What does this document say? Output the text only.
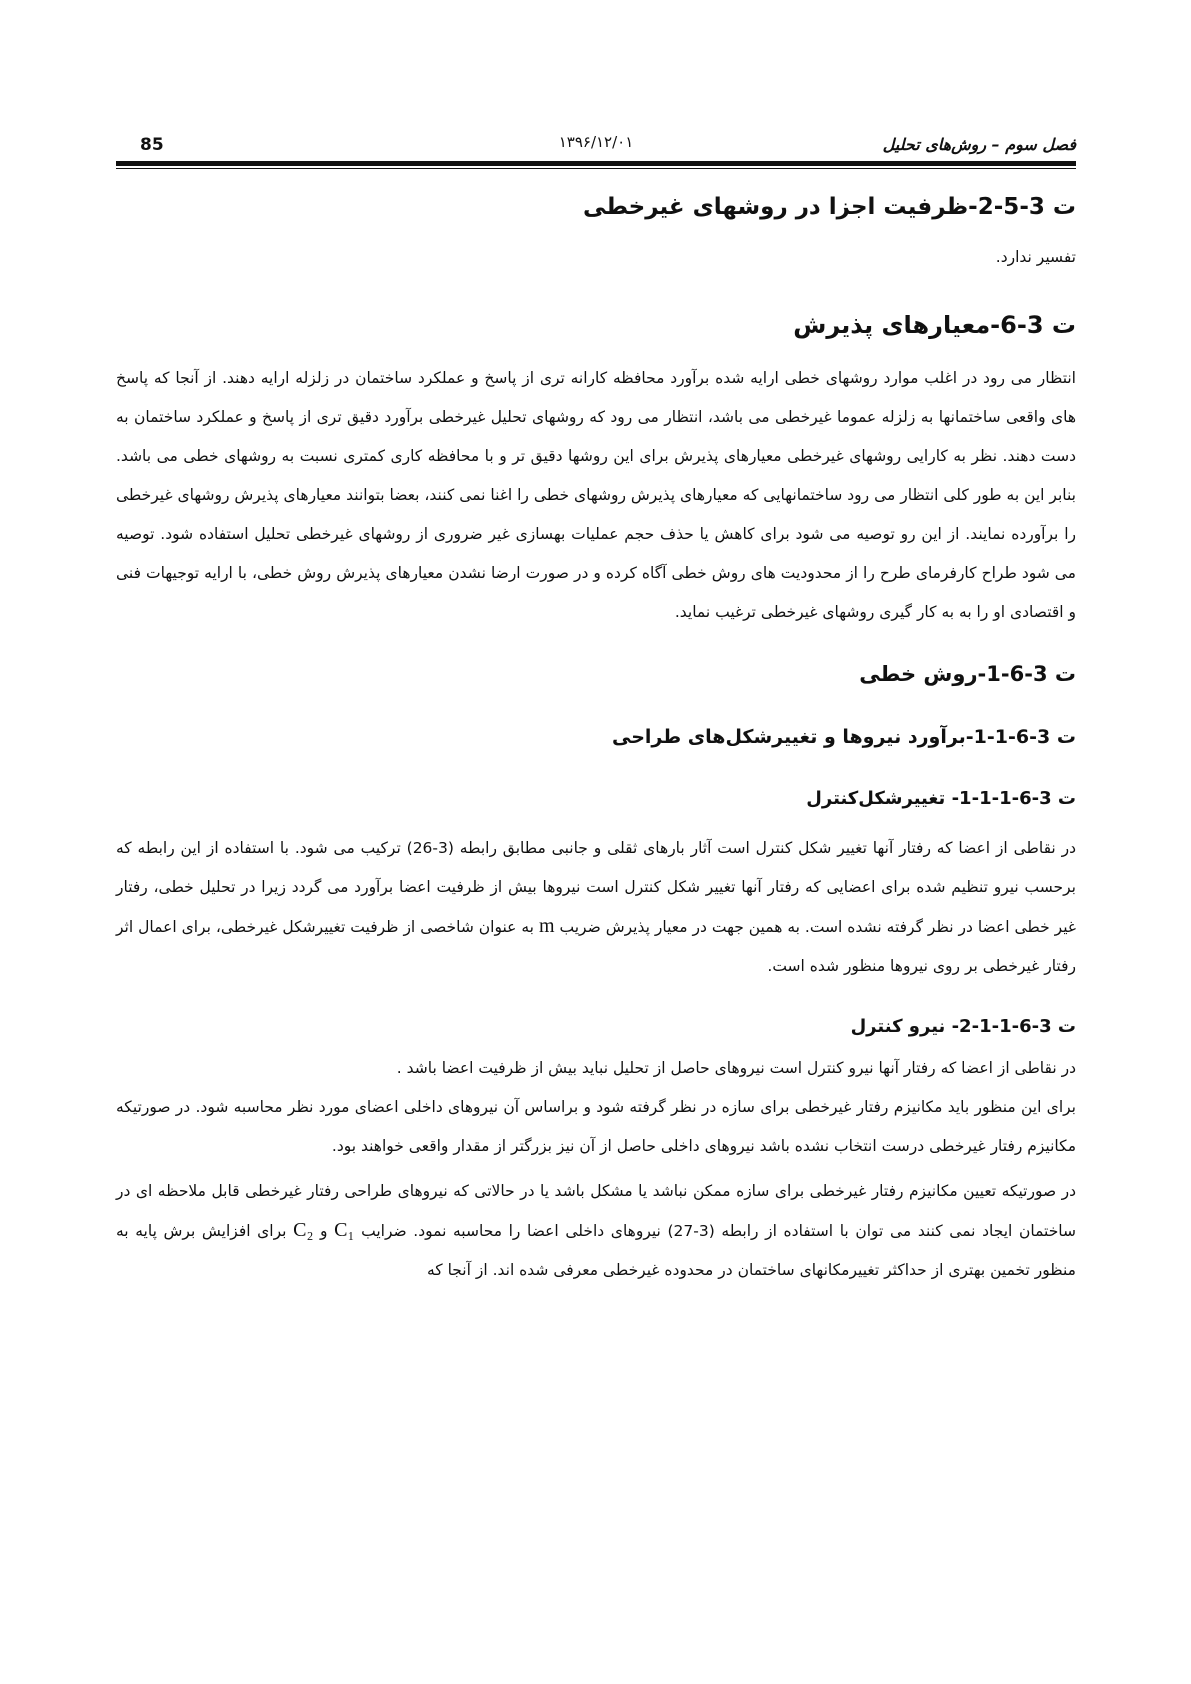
فصل سوم – روش‌های تحلیل
۱۳۹۶/۱۲/۰۱
85
ت 3-5-2-ظرفیت اجزا در روشهای غیرخطی

تفسیر ندارد.

ت 3-6-معیارهای پذیرش

انتظار می رود در اغلب موارد روشهای خطی ارایه شده برآورد محافظه کارانه تری از پاسخ و عملکرد ساختمان در زلزله ارایه دهند. از آنجا که پاسخ های واقعی ساختمانها به زلزله عموما غیرخطی می باشد، انتظار می رود که روشهای تحلیل غیرخطی برآورد دقیق تری از پاسخ و عملکرد ساختمان به دست دهند. نظر به کارایی روشهای غیرخطی معیارهای پذیرش برای این روشها دقیق تر و با محافظه کاری کمتری نسبت به روشهای خطی می باشد. بنابر این به طور کلی انتظار می رود ساختمانهایی که معیارهای پذیرش روشهای خطی را اغنا نمی کنند، بعضا بتوانند معیارهای پذیرش روشهای غیرخطی را برآورده نمایند. از این رو توصیه می شود برای کاهش یا حذف حجم عملیات بهسازی غیر ضروری از روشهای غیرخطی تحلیل استفاده شود. توصیه می شود طراح کارفرمای طرح را از محدودیت های روش خطی آگاه کرده و در صورت ارضا نشدن معیارهای پذیرش روش خطی، با ارایه توجیهات فنی و اقتصادی او را به به کار گیری روشهای غیرخطی ترغیب نماید.

ت 3-6-1-روش خطی
ت 3-6-1-1-برآورد نیروها و تغییرشکل‌های طراحی
ت 3-6-1-1-1- تغییرشکل‌کنترل

در نقاطی از اعضا که رفتار آنها تغییر شکل کنترل است آثار بارهای ثقلی و جانبی مطابق رابطه (3-26) ترکیب می شود. با استفاده از این رابطه که برحسب نیرو تنظیم شده برای اعضایی که رفتار آنها تغییر شکل کنترل است نیروها بیش از ظرفیت اعضا برآورد می گردد زیرا در تحلیل خطی، رفتار غیر خطی اعضا در نظر گرفته نشده است. به همین جهت در معیار پذیرش ضریب m به عنوان شاخصی از ظرفیت تغییرشکل غیرخطی، برای اعمال اثر رفتار غیرخطی بر روی نیروها منظور شده است.

ت 3-6-1-1-2- نیرو کنترل

در نقاطی از اعضا که رفتار آنها نیرو کنترل است نیروهای حاصل از تحلیل نباید بیش از ظرفیت اعضا باشد .

برای این منظور باید مکانیزم رفتار غیرخطی برای سازه در نظر گرفته شود و براساس آن نیروهای داخلی اعضای مورد نظر محاسبه شود. در صورتیکه مکانیزم رفتار غیرخطی درست انتخاب نشده باشد نیروهای داخلی حاصل از آن نیز بزرگتر از مقدار واقعی خواهند بود.

در صورتیکه تعیین مکانیزم رفتار غیرخطی برای سازه ممکن نباشد یا مشکل باشد یا در حالاتی که نیروهای طراحی رفتار غیرخطی قابل ملاحظه ای در ساختمان ایجاد نمی کنند می توان با استفاده از رابطه (3-27) نیروهای داخلی اعضا را محاسبه نمود. ضرایب C₁ و C₂ برای افزایش برش پایه به منظور تخمین بهتری از حداکثر تغییرمکانهای ساختمان در محدوده غیرخطی معرفی شده اند. از آنجا که
